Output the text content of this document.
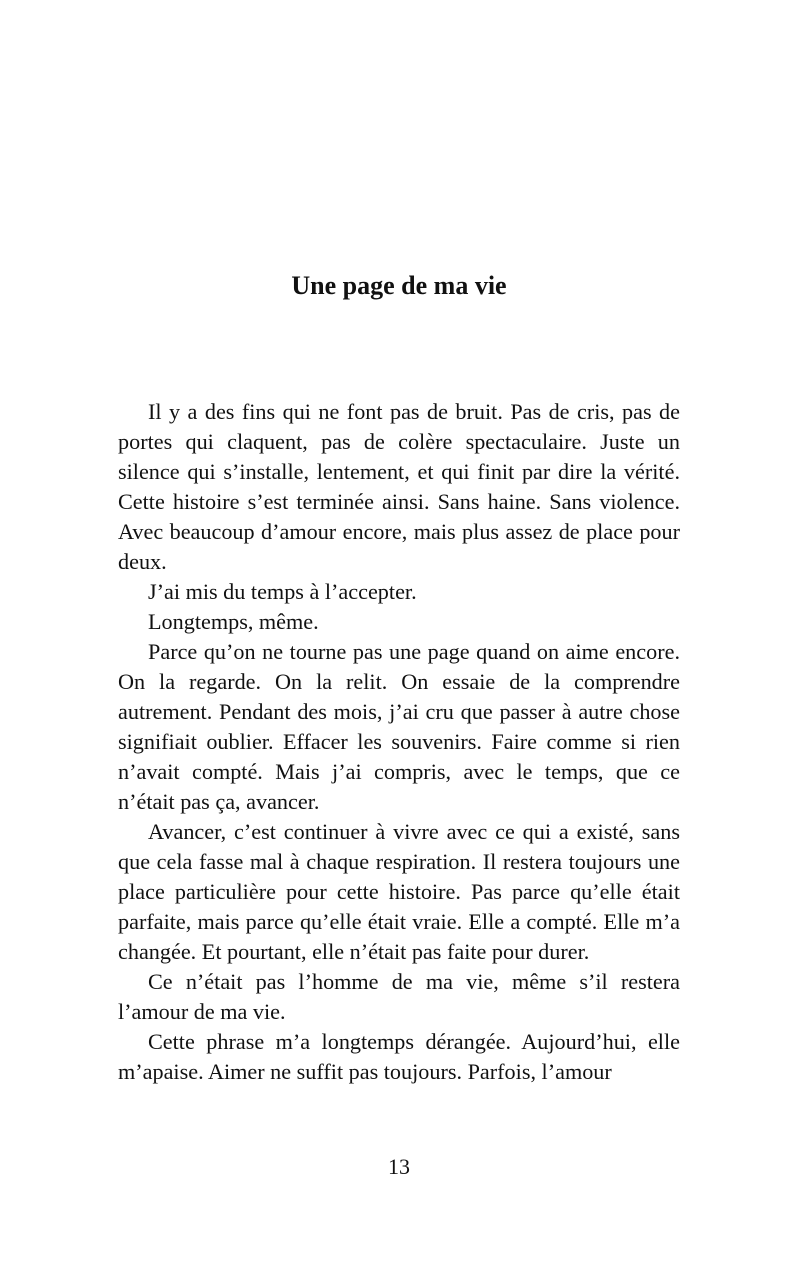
Une page de ma vie

Il y a des fins qui ne font pas de bruit. Pas de cris, pas de portes qui claquent, pas de colère spectaculaire. Juste un silence qui s’installe, lentement, et qui finit par dire la vérité. Cette histoire s’est terminée ainsi. Sans haine. Sans violence. Avec beaucoup d’amour encore, mais plus assez de place pour deux.

J’ai mis du temps à l’accepter.

Longtemps, même.

Parce qu’on ne tourne pas une page quand on aime encore. On la regarde. On la relit. On essaie de la comprendre autrement. Pendant des mois, j’ai cru que passer à autre chose signifiait oublier. Effacer les souvenirs. Faire comme si rien n’avait compté. Mais j’ai compris, avec le temps, que ce n’était pas ça, avancer.

Avancer, c’est continuer à vivre avec ce qui a existé, sans que cela fasse mal à chaque respiration. Il restera toujours une place particulière pour cette histoire. Pas parce qu’elle était parfaite, mais parce qu’elle était vraie. Elle a compté. Elle m’a changée. Et pourtant, elle n’était pas faite pour durer.

Ce n’était pas l’homme de ma vie, même s’il restera l’amour de ma vie.

Cette phrase m’a longtemps dérangée. Aujourd’hui, elle m’apaise. Aimer ne suffit pas toujours. Parfois, l’amour

13
